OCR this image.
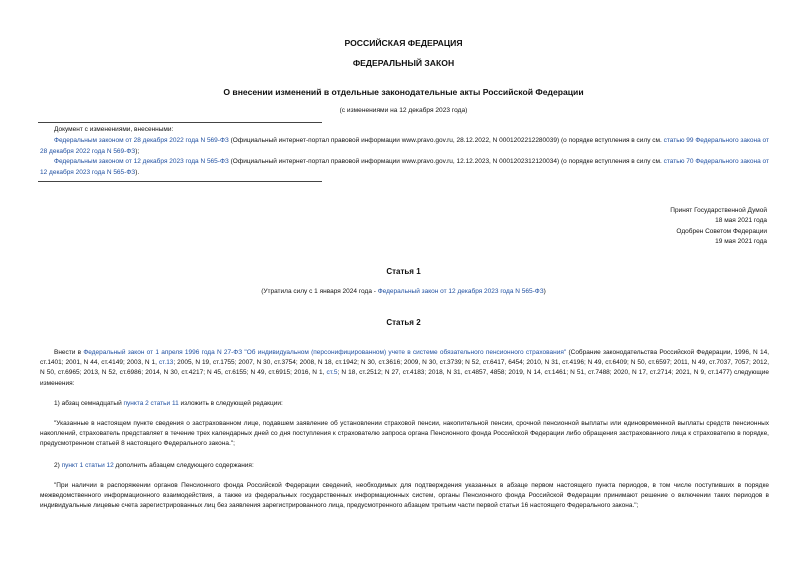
РОССИЙСКАЯ ФЕДЕРАЦИЯ
ФЕДЕРАЛЬНЫЙ ЗАКОН
О внесении изменений в отдельные законодательные акты Российской Федерации
(с изменениями на 12 декабря 2023 года)
Документ с изменениями, внесенными:
Федеральным законом от 28 декабря 2022 года N 569-ФЗ (Официальный интернет-портал правовой информации www.pravo.gov.ru, 28.12.2022, N 0001202212280039) (о порядке вступления в силу см. статью 99 Федерального закона от 28 декабря 2022 года N 569-ФЗ);
Федеральным законом от 12 декабря 2023 года N 565-ФЗ (Официальный интернет-портал правовой информации www.pravo.gov.ru, 12.12.2023, N 0001202312120034) (о порядке вступления в силу см. статью 70 Федерального закона от 12 декабря 2023 года N 565-ФЗ).
Принят Государственной Думой
18 мая 2021 года
Одобрен Советом Федерации
19 мая 2021 года
Статья 1
(Утратила силу с 1 января 2024 года - Федеральный закон от 12 декабря 2023 года N 565-ФЗ)
Статья 2
Внести в Федеральный закон от 1 апреля 1996 года N 27-ФЗ "Об индивидуальном (персонифицированном) учете в системе обязательного пенсионного страхования" (Собрание законодательства Российской Федерации, 1996, N 14, ст.1401; 2001, N 44, ст.4149; 2003, N 1, ст.13; 2005, N 19, ст.1755; 2007, N 30, ст.3754; 2008, N 18, ст.1942; N 30, ст.3616; 2009, N 30, ст.3739; N 52, ст.6417, 6454; 2010, N 31, ст.4196; N 49, ст.6409; N 50, ст.6597; 2011, N 49, ст.7037, 7057; 2012, N 50, ст.6965; 2013, N 52, ст.6986; 2014, N 30, ст.4217; N 45, ст.6155; N 49, ст.6915; 2016, N 1, ст.5; N 18, ст.2512; N 27, ст.4183; 2018, N 31, ст.4857, 4858; 2019, N 14, ст.1461; N 51, ст.7488; 2020, N 17, ст.2714; 2021, N 9, ст.1477) следующие изменения:
1) абзац семнадцатый пункта 2 статьи 11 изложить в следующей редакции:
"Указанные в настоящем пункте сведения о застрахованном лице, подавшем заявление об установлении страховой пенсии, накопительной пенсии, срочной пенсионной выплаты или единовременной выплаты средств пенсионных накоплений, страхователь представляет в течение трех календарных дней со дня поступления к страхователю запроса органа Пенсионного фонда Российской Федерации либо обращения застрахованного лица к страхователю в порядке, предусмотренном статьей 8 настоящего Федерального закона.";
2) пункт 1 статьи 12 дополнить абзацем следующего содержания:
"При наличии в распоряжении органов Пенсионного фонда Российской Федерации сведений, необходимых для подтверждения указанных в абзаце первом настоящего пункта периодов, в том числе поступивших в порядке межведомственного информационного взаимодействия, а также из федеральных государственных информационных систем, органы Пенсионного фонда Российской Федерации принимают решение о включении таких периодов в индивидуальные лицевые счета зарегистрированных лиц без заявления зарегистрированного лица, предусмотренного абзацем третьим части первой статьи 16 настоящего Федерального закона.";
